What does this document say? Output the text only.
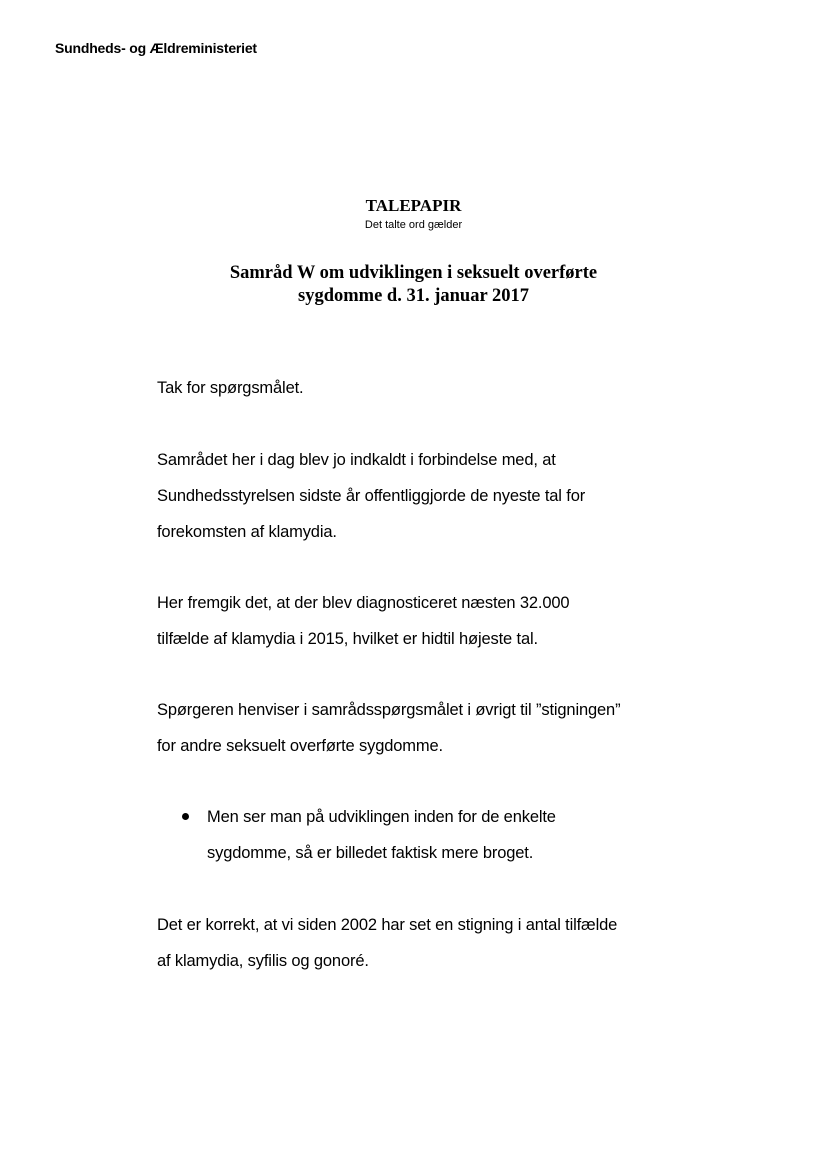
Sundheds- og Ældreministeriet
TALEPAPIR
Det talte ord gælder
Samråd W om udviklingen i seksuelt overførte
sygdomme d. 31. januar 2017
Tak for spørgsmålet.
Samrådet her i dag blev jo indkaldt i forbindelse med, at
Sundhedsstyrelsen sidste år offentliggjorde de nyeste tal for
forekomsten af klamydia.
Her fremgik det, at der blev diagnosticeret næsten 32.000
tilfælde af klamydia i 2015, hvilket er hidtil højeste tal.
Spørgeren henviser i samrådsspørgsmålet i øvrigt til ”stigningen”
for andre seksuelt overførte sygdomme.
Men ser man på udviklingen inden for de enkelte
sygdomme, så er billedet faktisk mere broget.
Det er korrekt, at vi siden 2002 har set en stigning i antal tilfælde
af klamydia, syfilis og gonoré.
